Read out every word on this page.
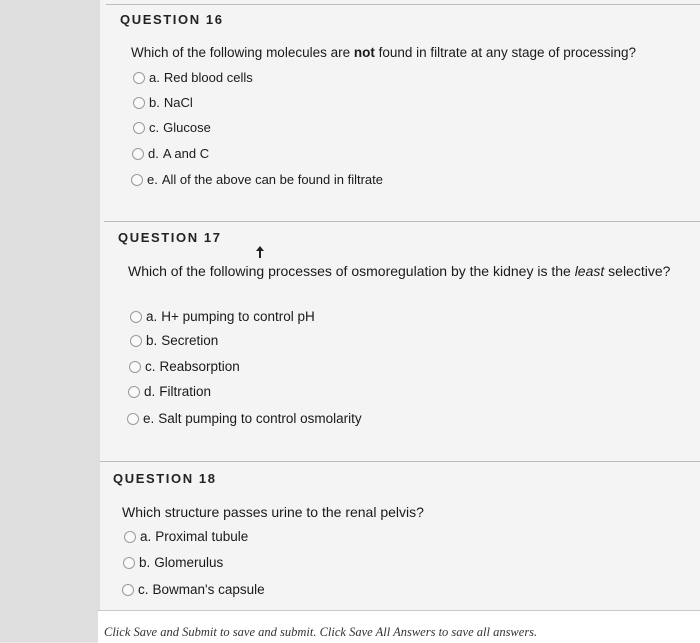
QUESTION 16
Which of the following molecules are not found in filtrate at any stage of processing?
a. Red blood cells
b. NaCl
c. Glucose
d. A and C
e. All of the above can be found in filtrate
QUESTION 17
Which of the following processes of osmoregulation by the kidney is the least selective?
a. H+ pumping to control pH
b. Secretion
c. Reabsorption
d. Filtration
e. Salt pumping to control osmolarity
QUESTION 18
Which structure passes urine to the renal pelvis?
a. Proximal tubule
b. Glomerulus
c. Bowman's capsule
Click Save and Submit to save and submit. Click Save All Answers to save all answers.
